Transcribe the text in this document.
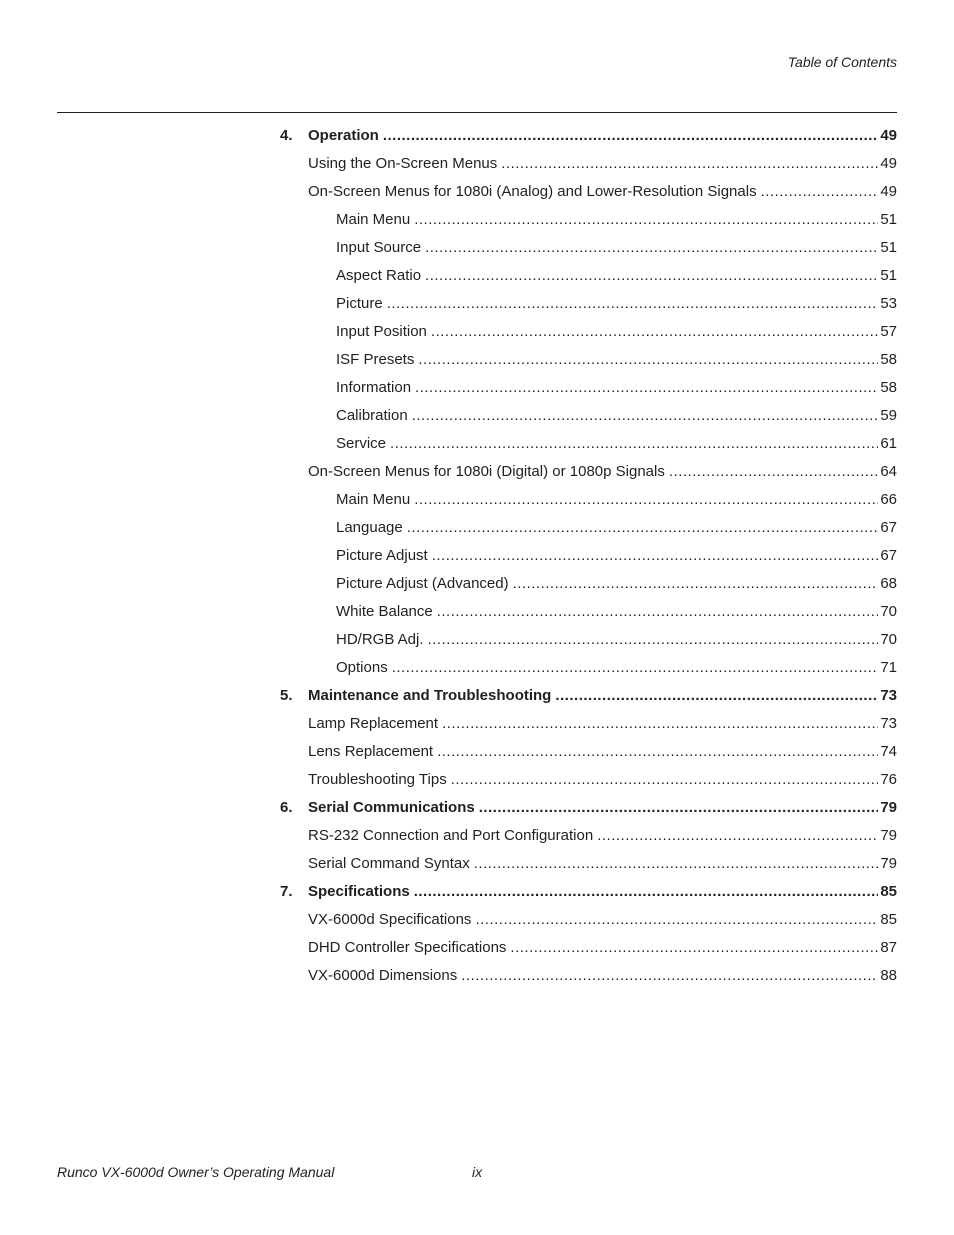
Table of Contents
4.	Operation .....	49
Using the On-Screen Menus .....	49
On-Screen Menus for 1080i (Analog) and Lower-Resolution Signals .....	49
Main Menu .....	51
Input Source .....	51
Aspect Ratio .....	51
Picture .....	53
Input Position .....	57
ISF Presets .....	58
Information .....	58
Calibration .....	59
Service .....	61
On-Screen Menus for 1080i (Digital) or 1080p Signals .....	64
Main Menu .....	66
Language .....	67
Picture Adjust .....	67
Picture Adjust (Advanced) .....	68
White Balance .....	70
HD/RGB Adj. .....	70
Options .....	71
5.	Maintenance and Troubleshooting .....	73
Lamp Replacement .....	73
Lens Replacement .....	74
Troubleshooting Tips .....	76
6.	Serial Communications .....	79
RS-232 Connection and Port Configuration .....	79
Serial Command Syntax .....	79
7.	Specifications .....	85
VX-6000d Specifications .....	85
DHD Controller Specifications .....	87
VX-6000d Dimensions .....	88
Runco VX-6000d Owner’s Operating Manual	ix
